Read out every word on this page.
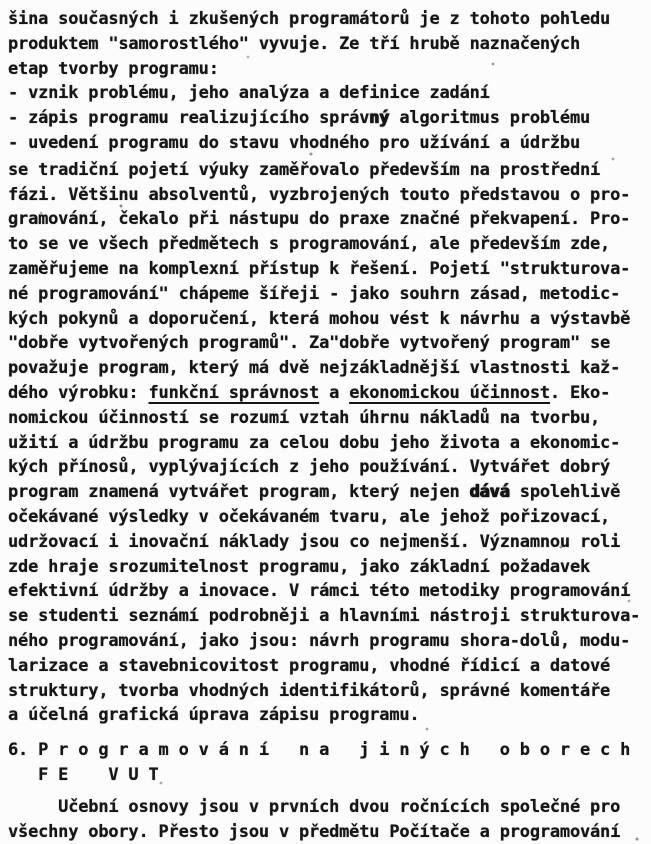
šina současných i zkušených programátorů je z tohoto pohledu
produktem "samorostlého" vyvuje. Ze tří hrubě naznačených
etap tvorby programu:
- vznik problému, jeho analýza a definice zadání
- zápis programu realizujícího správný algoritmus problému
- uvedení programu do stavu vhodného pro užívání a údržbu
se tradiční pojetí výuky zaměřovalo především na prostřední
fázi. Většinu absolventů, vyzbrojených touto představou o pro-
gramování, čekalo při nástupu do praxe značné překvapení. Pro-
to se ve všech předmětech s programování, ale především zde,
zaměřujeme na komplexní přístup k řešení. Pojetí "strukturova-
né programování" chápeme šířeji - jako souhrn zásad, metodic-
kých pokynů a doporučení, která mohou vést k návrhu a výstavbě
"dobře vytvořených programů". Za"dobře vytvořený program" se
považuje program, který má dvě nejzákladnější vlastnosti kaž-
dého výrobku: funkční správnost a ekonomickou účinnost. Eko-
nomickou účinností se rozumí vztah úhrnu nákladů na tvorbu,
užití a údržbu programu za celou dobu jeho života a ekonomic-
kých přínosů, vyplývajících z jeho používání. Vytvářet dobrý
program znamená vytvářet program, který nejen dává spolehlivě
očekávané výsledky v očekávaném tvaru, ale jehož pořizovací,
udržovací i inovační náklady jsou co nejmenší. Významnou roli
zde hraje srozumitelnost programu, jako základní požadavek
efektivní údržby a inovace. V rámci této metodiky programování
se studenti seznámí podrobněji a hlavními nástroji strukturova-
ného programování, jako jsou: návrh programu shora-dolů, modu-
larizace a stavebnicovitost programu, vhodné řídicí a datové
struktury, tvorba vhodných identifikátorů, správné komentáře
a účelná grafická úprava zápisu programu.
6. P r o g r a m o v á n í   n a   j i n ý c h   o b o r e c h
F E    V U T
Učební osnovy jsou v prvních dvou ročnících společné pro
všechny obory. Přesto jsou v předmětu Počítače a programování
